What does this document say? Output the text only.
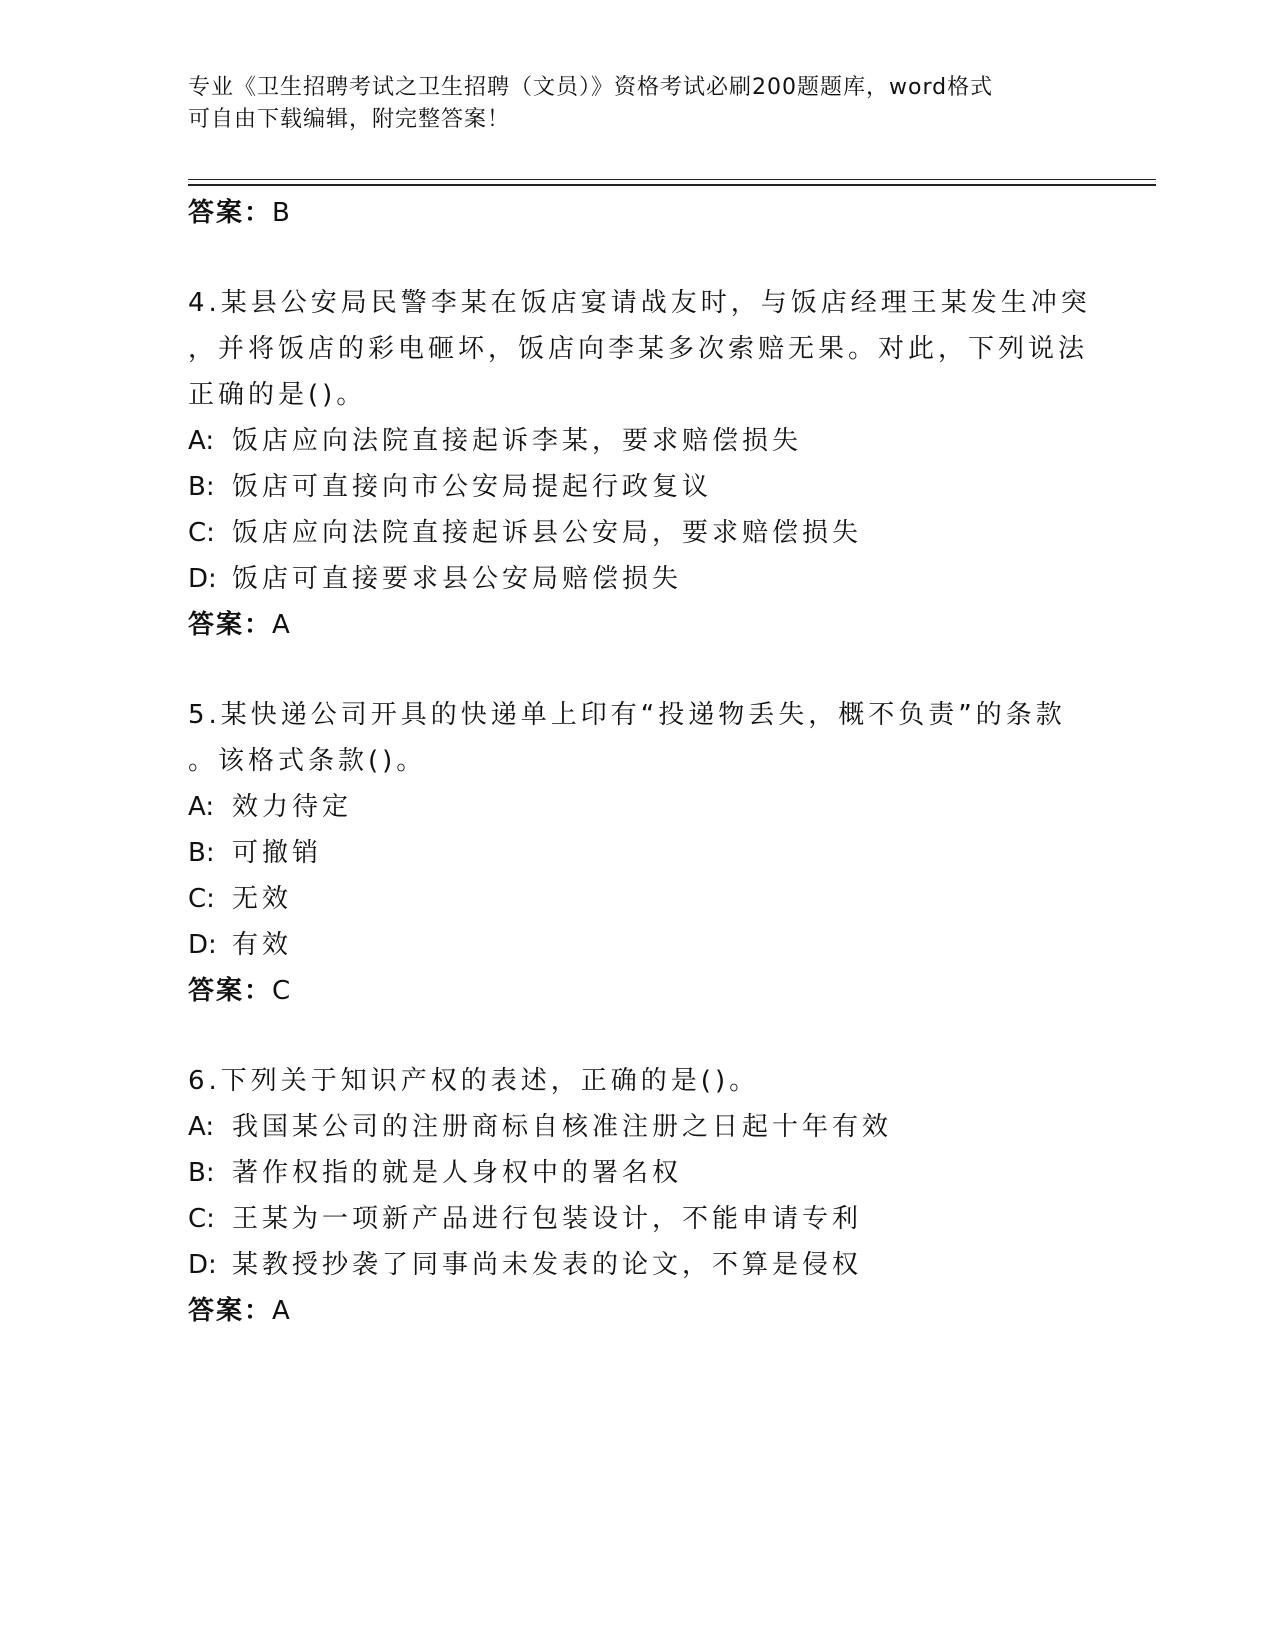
专业《卫生招聘考试之卫生招聘（文员）》资格考试必刷200题题库，word格式
可自由下载编辑，附完整答案！
答案：B
4.某县公安局民警李某在饭店宴请战友时，与饭店经理王某发生冲突
，并将饭店的彩电砸坏，饭店向李某多次索赔无果。对此，下列说法
正确的是()。
A: 饭店应向法院直接起诉李某，要求赔偿损失
B: 饭店可直接向市公安局提起行政复议
C: 饭店应向法院直接起诉县公安局，要求赔偿损失
D: 饭店可直接要求县公安局赔偿损失
答案：A
5.某快递公司开具的快递单上印有“投递物丢失，概不负责”的条款
。该格式条款()。
A: 效力待定
B: 可撤销
C: 无效
D: 有效
答案：C
6.下列关于知识产权的表述，正确的是()。
A: 我国某公司的注册商标自核准注册之日起十年有效
B: 著作权指的就是人身权中的署名权
C: 王某为一项新产品进行包装设计，不能申请专利
D: 某教授抄袭了同事尚未发表的论文，不算是侵权
答案：A
